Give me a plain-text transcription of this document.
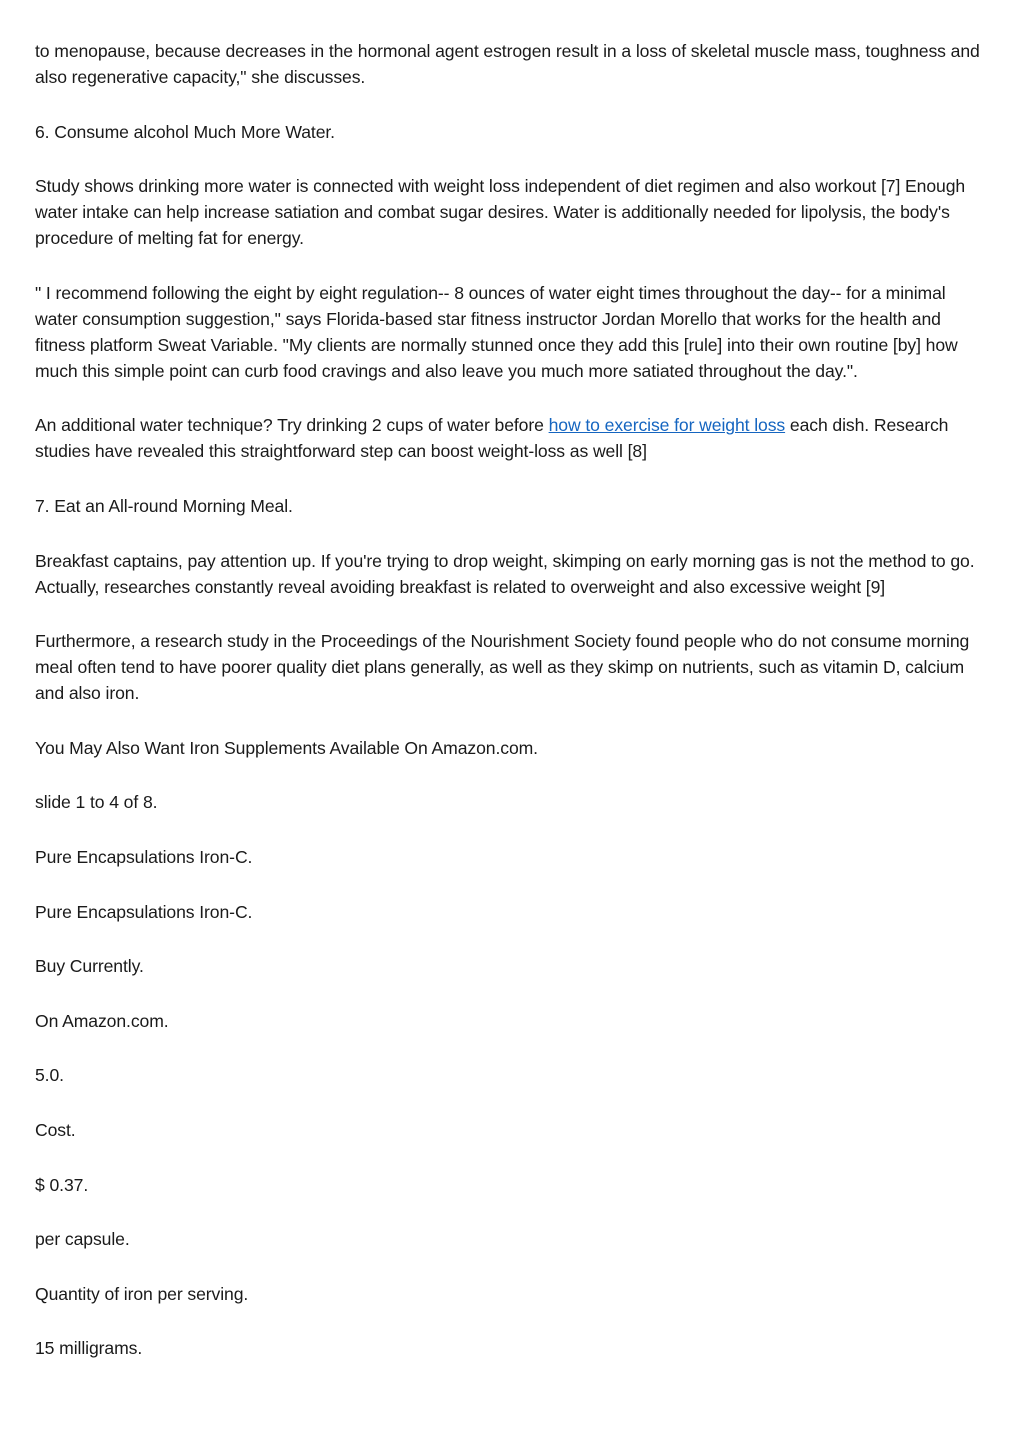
to menopause, because decreases in the hormonal agent estrogen result in a loss of skeletal muscle mass, toughness and also regenerative capacity," she discusses.

6. Consume alcohol Much More Water.

Study shows drinking more water is connected with weight loss independent of diet regimen and also workout [7] Enough water intake can help increase satiation and combat sugar desires. Water is additionally needed for lipolysis, the body's procedure of melting fat for energy.

" I recommend following the eight by eight regulation-- 8 ounces of water eight times throughout the day-- for a minimal water consumption suggestion," says Florida-based star fitness instructor Jordan Morello that works for the health and fitness platform Sweat Variable. "My clients are normally stunned once they add this [rule] into their own routine [by] how much this simple point can curb food cravings and also leave you much more satiated throughout the day.".

An additional water technique? Try drinking 2 cups of water before how to exercise for weight loss each dish. Research studies have revealed this straightforward step can boost weight-loss as well [8]

7. Eat an All-round Morning Meal.

Breakfast captains, pay attention up. If you're trying to drop weight, skimping on early morning gas is not the method to go. Actually, researches constantly reveal avoiding breakfast is related to overweight and also excessive weight [9]

Furthermore, a research study in the Proceedings of the Nourishment Society found people who do not consume morning meal often tend to have poorer quality diet plans generally, as well as they skimp on nutrients, such as vitamin D, calcium and also iron.

You May Also Want Iron Supplements Available On Amazon.com.

slide 1 to 4 of 8.

Pure Encapsulations Iron-C.

Pure Encapsulations Iron-C.

Buy Currently.

On Amazon.com.

5.0.

Cost.

$ 0.37.

per capsule.

Quantity of iron per serving.

15 milligrams.
